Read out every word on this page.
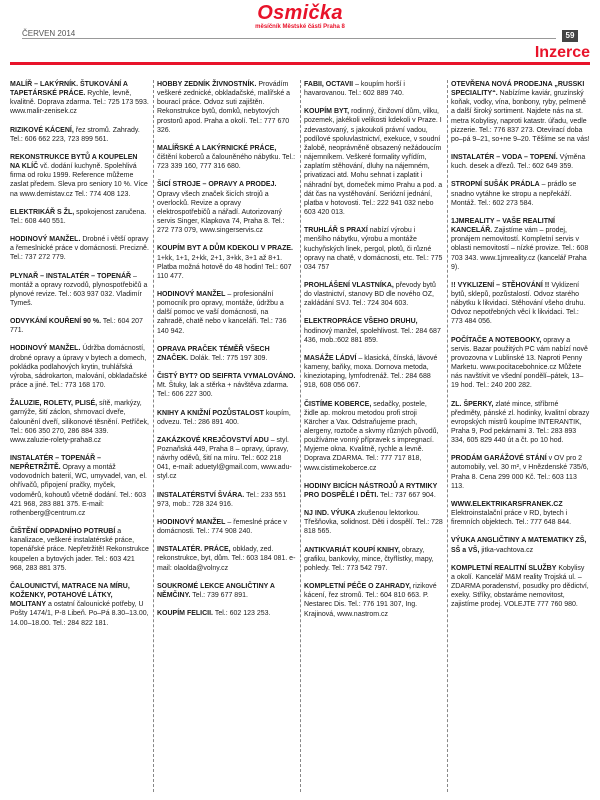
ČERVEN 2014
Osmička
měsíčník Městské části Praha 8
59
Inzerce

MALÍŘ – LAKÝRNÍK. ŠTUKOVÁNÍ A TAPETÁRSKÉ PRÁCE. Rychle, levně, kvalitně. Doprava zdarma. Tel.: 725 173 593. www.malir-zenisek.cz

RIZIKOVÉ KÁCENÍ, řez stromů. Zahrady. Tel.: 606 662 223, 723 899 561.

REKONSTRUKCE BYTŮ A KOUPELEN NA KLÍČ vč. dodání kuchyně. Spolehlivá firma od roku 1999. Reference můžeme zaslat předem. Sleva pro seniory 10 %. Více na www.demistav.cz Tel.: 774 408 123.

ELEKTRIKÁŘ S ŽL, spokojenost zaručena. Tel.: 608 440 551.

HODINOVÝ MANŽEL. Drobné i větší opravy a řemeslnické práce v domácnosti. Precizně. Tel.: 737 272 779.

PLYNAŘ – INSTALATÉR – TOPENÁŘ – montáž a opravy rozvodů, plynospotřebičů a plynové revize. Tel.: 603 937 032. Vladimír Tymeš.

ODVYKÁNÍ KOUŘENÍ 90 %. Tel.: 604 207 771.

HODINOVÝ MANŽEL. Údržba domácností, drobné opravy a úpravy v bytech a domech, pokládka podlahových krytin, truhlářská výroba, sádrokarton, malování, obkladačské práce a jiné. Tel.: 773 168 170.

ŽALUZIE, ROLETY, PLISÉ, sítě, markýzy, garnýže, šití záclon, shrnovací dveře, čalounění dveří, silikonové těsnění. Petříček, Tel.: 606 350 270, 286 884 339. www.zaluzie-rolety-praha8.cz

INSTALATÉR – TOPENÁŘ – NEPŘETRŽITĚ. Opravy a montáž vodovodních baterií, WC, umyvadel, van, el. ohřívačů, připojení pračky, myček, vodoměrů, kohoutů včetně dodání. Tel.: 603 421 968, 283 881 375. E-mail: rothenberg@centrum.cz

ČIŠTĚNÍ ODPADNÍHO POTRUBÍ a kanalizace, veškeré instalatérské práce, topenářské práce. Nepřetržitě! Rekonstrukce koupelen a bytových jader. Tel.: 603 421 968, 283 881 375.

ČALOUNICTVÍ, MATRACE NA MÍRU, KOŽENKY, POTAHOVÉ LÁTKY, MOLITANY a ostatní čalounické potřeby, U Pošty 1474/1, P-8 Libeň. Po–Pá 8.30–13.00, 14.00–18.00. Tel.: 284 822 181.

HOBBY ZEDNÍK ŽIVNOSTNÍK. Provádím veškeré zednické, obkladačské, malířské a bourací práce. Odvoz suti zajištěn. Rekonstrukce bytů, domků, nebytových prostorů apod. Praha a okolí. Tel.: 777 670 326.

MALÍŘSKÉ A LAKÝRNICKÉ PRÁCE, čištění koberců a čalouněného nábytku. Tel.: 723 339 160, 777 316 680.

ŠICÍ STROJE – OPRAVY A PRODEJ. Opravy všech značek šicích strojů a overlocků. Revize a opravy elektrospotřebičů a nářadí. Autorizovaný servis Singer, Klapkova 74, Praha 8. Tel.: 272 773 079, www.singerservis.cz

KOUPÍM BYT A DŮM KDEKOLI V PRAZE. 1+kk, 1+1, 2+kk, 2+1, 3+kk, 3+1 až 8+1. Platba možná hotově do 48 hodin! Tel.: 607 110 477.

HODINOVÝ MANŽEL – profesionální pomocník pro opravy, montáže, údržbu a další pomoc ve vaší domácnosti, na zahradě, chatě nebo v kanceláři. Tel.: 736 140 942.

OPRAVA PRAČEK TÉMĚŘ VŠECH ZNAČEK. Dolák. Tel.: 775 197 309.

ČISTÝ BYT? OD SEIFRTA VYMALOVÁNO. Mt. Štuky, lak a stěrka + návštěva zdarma. Tel.: 606 227 300.

KNIHY A KNIŽNÍ POZŮSTALOST koupím, odvezu. Tel.: 286 891 400.

ZAKÁZKOVÉ KREJČOVSTVÍ ADU – styl. Poznaňská 449, Praha 8 – opravy, úpravy, návrhy oděvů, šití na míru. Tel.: 602 218 041, e-mail: aduetyl@gmail.com, www.adu-styl.cz

INSTALATÉRSTVÍ ŠVÁRA. Tel.: 233 551 973, mob.: 728 324 916.

HODINOVÝ MANŽEL – řemeslné práce v domácnosti. Tel.: 774 908 240.

INSTALATÉR. PRÁCE, obklady, zed. rekonstrukce, byt, dům. Tel.: 603 184 081. e-mail: olaolda@volny.cz

SOUKROMÉ LEKCE ANGLIČTINY A NĚMČINY. Tel.: 739 677 891.

KOUPÍM FELICII. Tel.: 602 123 253.

FABII, OCTAVII – koupím horší i havarovanou. Tel.: 602 889 740.

KOUPÍM BYT, rodinný, činžovní dům, vilku, pozemek, jakékoli velikosti kdekoli v Praze. I zdevastovaný, s jakoukoli právní vadou, podílové spoluvlastnictví, exekuce, v soudní žalobě, neoprávněně obsazený nežádoucím nájemníkem. Veškeré formality vyřídím, zaplatím stěhování, dluhy na nájemném, privatizaci atd. Mohu sehnat i zaplatit i náhradní byt, domeček mimo Prahu a pod. a dát čas na vystěhování. Seriózní jednání, platba v hotovosti. Tel.: 222 941 032 nebo 603 420 013.

TRUHLÁŘ S PRAXÍ nabízí výrobu i menšího nábytku, výrobu a montáže kuchyňských linek, pergol, plotů, či různé opravy na chatě, v domácnosti, etc. Tel.: 775 034 757

PROHLÁŠENÍ VLASTNÍKA, převody bytů do vlastnictví, stanovy BD dle nového OZ, zakládání SVJ. Tel.: 724 304 603.

ELEKTROPRÁCE VŠEHO DRUHU, hodinový manžel, spolehlivost. Tel.: 284 687 436, mob.:602 881 859.

MASÁŽE LÁDVÍ – klasická, čínská, lávové kameny, baňky, moxa. Dornova metoda, kineziotaping, lymfodrenáž. Tel.: 284 688 918, 608 056 067.

ČISTÍME KOBERCE, sedačky, postele, židle ap. mokrou metodou profi stroji Kärcher a Vax. Odstraňujeme prach, alergeny, roztoče a skvrny různých původů, používáme vonný přípravek s impregnací. Myjeme okna. Kvalitně, rychle a levně. Doprava ZDARMA. Tel.: 777 717 818, www.cistimekoberce.cz

HODINY BICÍCH NÁSTROJŮ A RYTMIKY PRO DOSPĚLÉ I DĚTI. Tel.: 737 667 904.

NJ IND. VÝUKA zkušenou lektorkou. Třešňovka, solidnost. Děti i dospělí. Tel.: 728 818 565.

ANTIKVARIÁT KOUPÍ KNIHY, obrazy, grafiku, bankovky, mince, čtyřlístky, mapy, pohledy. Tel.: 773 542 797.

KOMPLETNÍ PÉČE O ZAHRADY, rizikové kácení, řez stromů. Tel.: 604 810 663. P. Nestarec Dis. Tel.: 776 191 307, Ing. Krajinová, www.nastrom.cz

OTEVŘENA NOVÁ PRODEJNA „RUSSKI SPECIALITY“. Nabízíme kaviár, gruzínský koňak, vodky, vína, bonbony, ryby, pelmeně a další široký sortiment. Najdete nás na st. metra Kobylisy, naproti katastr. úřadu, vedle pizzerie. Tel.: 776 837 273. Otevírací doba po–pá 9–21, so+ne 9–20. Těšíme se na vás!

INSTALATÉR – VODA – TOPENÍ. Výměna kuch. desek a dřezů. Tel.: 602 649 359.

STROPNÍ SUŠÁK PRÁDLA – prádlo se snadno vytáhne ke stropu a nepřekáží. Montáž. Tel.: 602 273 584.

1JMREALITY – VAŠE REALITNÍ KANCELÁŘ. Zajistíme vám – prodej, pronájem nemovitostí. Kompletní servis v oblasti nemovitostí – nízké provize. Tel.: 608 703 343. www.1jmreality.cz (kancelář Praha 9).

!! VYKLIZENÍ – STĚHOVÁNÍ !! Vyklizení bytů, sklepů, pozůstalostí. Odvoz starého nábytku k likvidaci. Stěhování všeho druhu. Odvoz nepotřebných věcí k likvidaci. Tel.: 773 484 056.

POČÍTAČE A NOTEBOOKY, opravy a servis. Bazar použitých PC vám nabízí nově provozovna v Lublinské 13. Naproti Penny Marketu. www.pocitacebohnice.cz Můžete nás navštívit ve všední pondělí–pátek, 13–19 hod. Tel.: 240 200 282.

ZL. ŠPERKY, zlaté mince, stříbrné předměty, pánské zl. hodinky, kvalitní obrazy evropských mistrů koupíme INTERANTIK, Praha 9, Pod pekárnami 3. Tel.: 283 893 334, 605 829 440 út a čt. po 10 hod.

PRODÁM GARÁŽOVÉ STÁNÍ v OV pro 2 automobily, vel. 30 m², v Hnězdenské 735/6, Praha 8. Cena 299 000 Kč. Tel.: 603 113 113.

WWW.ELEKTRIKARSFRANEK.CZ Elektroinstalační práce v RD, bytech i firemních objektech. Tel.: 777 648 844.

VÝUKA ANGLIČTINY A MATEMATIKY ZŠ, SŠ a VŠ, jitka-vachtova.cz

KOMPLETNÍ REALITNÍ SLUŽBY Kobylisy a okolí. Kancelář M&M reality Trojská ul. – ZDARMA poradenství, posudky pro dědictví, exeky. Stříky, obstaráme nemovitost, zajistíme prodej. VOLEJTE 777 760 980.
